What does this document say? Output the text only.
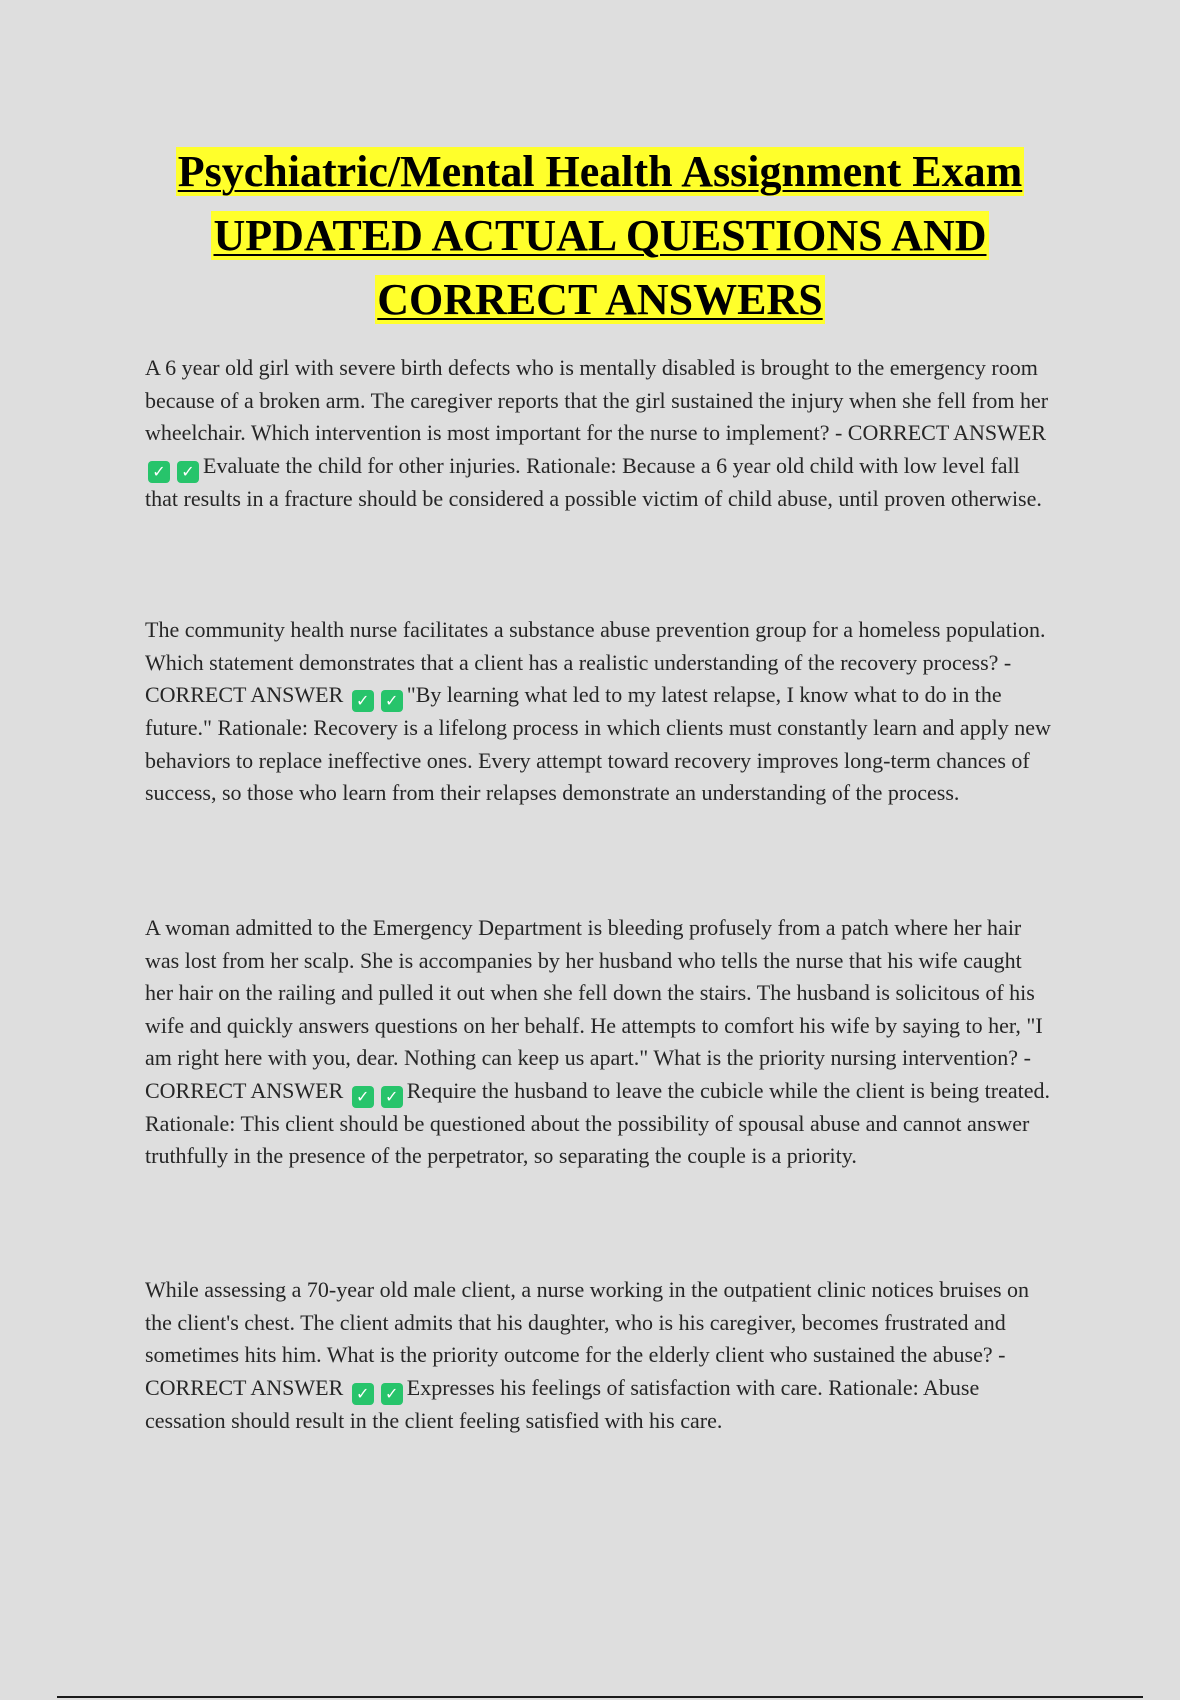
Psychiatric/Mental Health Assignment Exam UPDATED ACTUAL QUESTIONS AND CORRECT ANSWERS

A 6 year old girl with severe birth defects who is mentally disabled is brought to the emergency room because of a broken arm. The caregiver reports that the girl sustained the injury when she fell from her wheelchair. Which intervention is most important for the nurse to implement? - CORRECT ANSWER ✓ ✓ Evaluate the child for other injuries. Rationale: Because a 6 year old child with low level fall that results in a fracture should be considered a possible victim of child abuse, until proven otherwise.

The community health nurse facilitates a substance abuse prevention group for a homeless population. Which statement demonstrates that a client has a realistic understanding of the recovery process? - CORRECT ANSWER ✓ ✓ "By learning what led to my latest relapse, I know what to do in the future." Rationale: Recovery is a lifelong process in which clients must constantly learn and apply new behaviors to replace ineffective ones. Every attempt toward recovery improves long-term chances of success, so those who learn from their relapses demonstrate an understanding of the process.

A woman admitted to the Emergency Department is bleeding profusely from a patch where her hair was lost from her scalp. She is accompanies by her husband who tells the nurse that his wife caught her hair on the railing and pulled it out when she fell down the stairs. The husband is solicitous of his wife and quickly answers questions on her behalf. He attempts to comfort his wife by saying to her, "I am right here with you, dear. Nothing can keep us apart." What is the priority nursing intervention? - CORRECT ANSWER ✓ ✓ Require the husband to leave the cubicle while the client is being treated. Rationale: This client should be questioned about the possibility of spousal abuse and cannot answer truthfully in the presence of the perpetrator, so separating the couple is a priority.

While assessing a 70-year old male client, a nurse working in the outpatient clinic notices bruises on the client's chest. The client admits that his daughter, who is his caregiver, becomes frustrated and sometimes hits him. What is the priority outcome for the elderly client who sustained the abuse? - CORRECT ANSWER ✓ ✓ Expresses his feelings of satisfaction with care. Rationale: Abuse cessation should result in the client feeling satisfied with his care.
